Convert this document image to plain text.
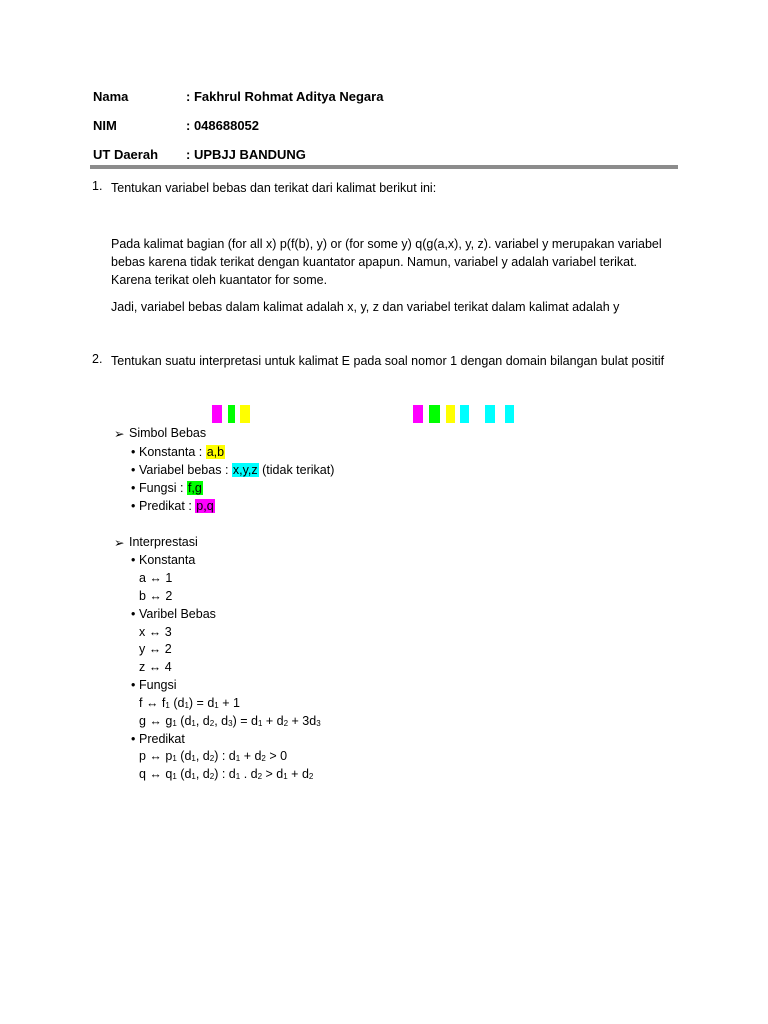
Nama	: Fakhrul Rohmat Aditya Negara
NIM	: 048688052
UT Daerah : UPBJJ BANDUNG
1. Tentukan variabel bebas dan terikat dari kalimat berikut ini:
Pada kalimat bagian (for all x) p(f(b), y) or (for some y) q(g(a,x), y, z). variabel y merupakan variabel bebas karena tidak terikat dengan kuantator apapun. Namun, variabel y adalah variabel terikat. Karena terikat oleh kuantator for some.
Jadi, variabel bebas dalam kalimat adalah x, y, z dan variabel terikat dalam kalimat adalah y
2. Tentukan suatu interpretasi untuk kalimat E pada soal nomor 1 dengan domain bilangan bulat positif
➢ Simbol Bebas
• Konstanta : a,b
• Variabel bebas : x,y,z (tidak terikat)
• Fungsi : f,g
• Predikat : p,q
➢ Interprestasi
• Konstanta
a ↔ 1
b ↔ 2
• Varibel Bebas
x ↔ 3
y ↔ 2
z ↔ 4
• Fungsi
f ↔ $f_1$ $(d_1) = d_1 + 1$
g ↔ $g_1$ ($d_1$, $d_2$, $d_3) = d_1 + d_2 + 3d_3$
• Predikat
p ↔ $p_1$ ($d_1$, $d_2$) : $d_1 + d_2 > 0$
q ↔ $q_1$ ($d_1$, $d_2$) : $d_1$ . $d_2 > d_1 + d_2$
